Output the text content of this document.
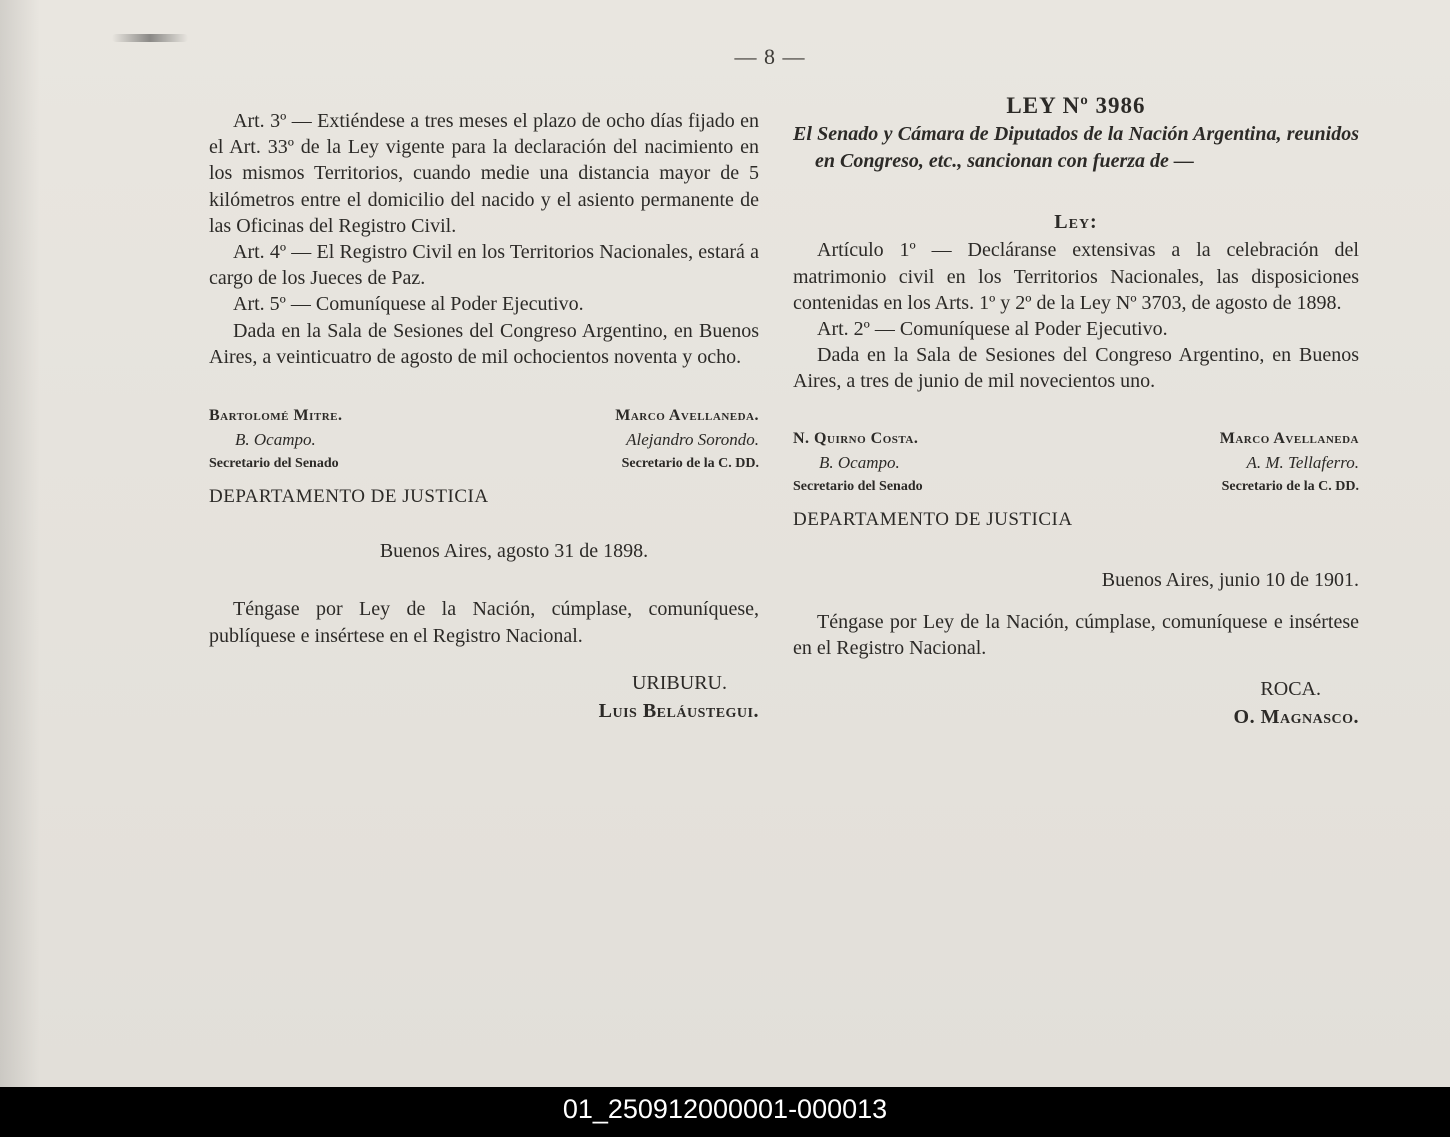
— 8 —

Art. 3º — Extiéndese a tres meses el plazo de ocho días fijado en el Art. 33º de la Ley vigente para la declaración del nacimiento en los mismos Territorios, cuando medie una distancia mayor de 5 kilómetros entre el domicilio del nacido y el asiento permanente de las Oficinas del Registro Civil.

Art. 4º — El Registro Civil en los Territorios Nacionales, estará a cargo de los Jueces de Paz.

Art. 5º — Comuníquese al Poder Ejecutivo.

Dada en la Sala de Sesiones del Congreso Argentino, en Buenos Aires, a veinticuatro de agosto de mil ochocientos noventa y ocho.

Bartolomé Mitre.
B. Ocampo.
Secretario del Senado
Marco Avellaneda.
Alejandro Sorondo.
Secretario de la C. DD.
DEPARTAMENTO DE JUSTICIA

Buenos Aires, agosto 31 de 1898.

Téngase por Ley de la Nación, cúmplase, comuníquese, publíquese e insértese en el Registro Nacional.

URIBURU.
Luis Beláustegui.
LEY Nº 3986

El Senado y Cámara de Diputados de la Nación Argentina, reunidos en Congreso, etc., sancionan con fuerza de —

Ley:

Artículo 1º — Decláranse extensivas a la celebración del matrimonio civil en los Territorios Nacionales, las disposiciones contenidas en los Arts. 1º y 2º de la Ley Nº 3703, de agosto de 1898.

Art. 2º — Comuníquese al Poder Ejecutivo.

Dada en la Sala de Sesiones del Congreso Argentino, en Buenos Aires, a tres de junio de mil novecientos uno.

N. Quirno Costa.
B. Ocampo.
Secretario del Senado
Marco Avellaneda
A. M. Tellaferro.
Secretario de la C. DD.
DEPARTAMENTO DE JUSTICIA

Buenos Aires, junio 10 de 1901.

Téngase por Ley de la Nación, cúmplase, comuníquese e insértese en el Registro Nacional.

ROCA.
O. Magnasco.
01_250912000001-000013
